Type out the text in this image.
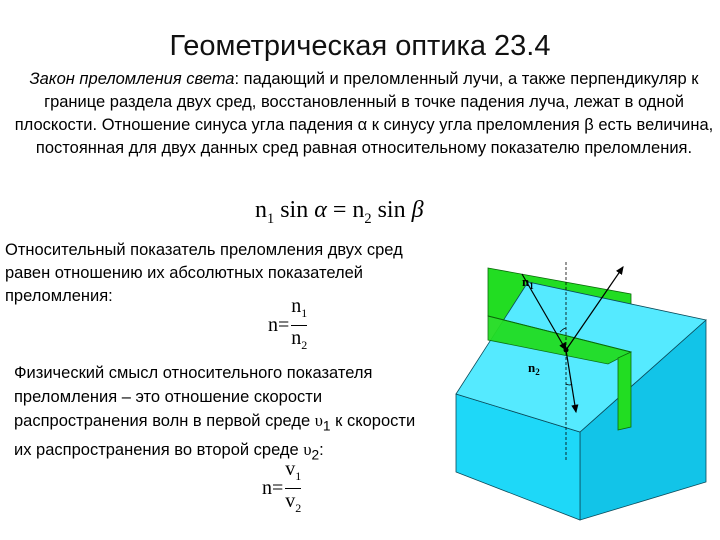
Геометрическая оптика 23.4
Закон преломления света: падающий и преломленный лучи, а также перпендикуляр к границе раздела двух сред, восстановленный в точке падения луча, лежат в одной плоскости. Отношение синуса угла падения α к синусу угла преломления β есть величина, постоянная для двух данных сред равная относительному показателю преломления.
$n_1$ $\sin \alpha = n_2$ sin β
Относительный показатель преломления двух сред равен отношению их абсолютных показателей преломления:
$n= \frac{n_1}{n_2}$
Физический смысл относительного показателя преломления – это отношение скорости распространения волн в первой среде $\upsilon_1$ к скорости их распространения во второй среде $\upsilon_2$:
$n= \frac{v_1}{v_2}$
$n_1$
$n_2$
